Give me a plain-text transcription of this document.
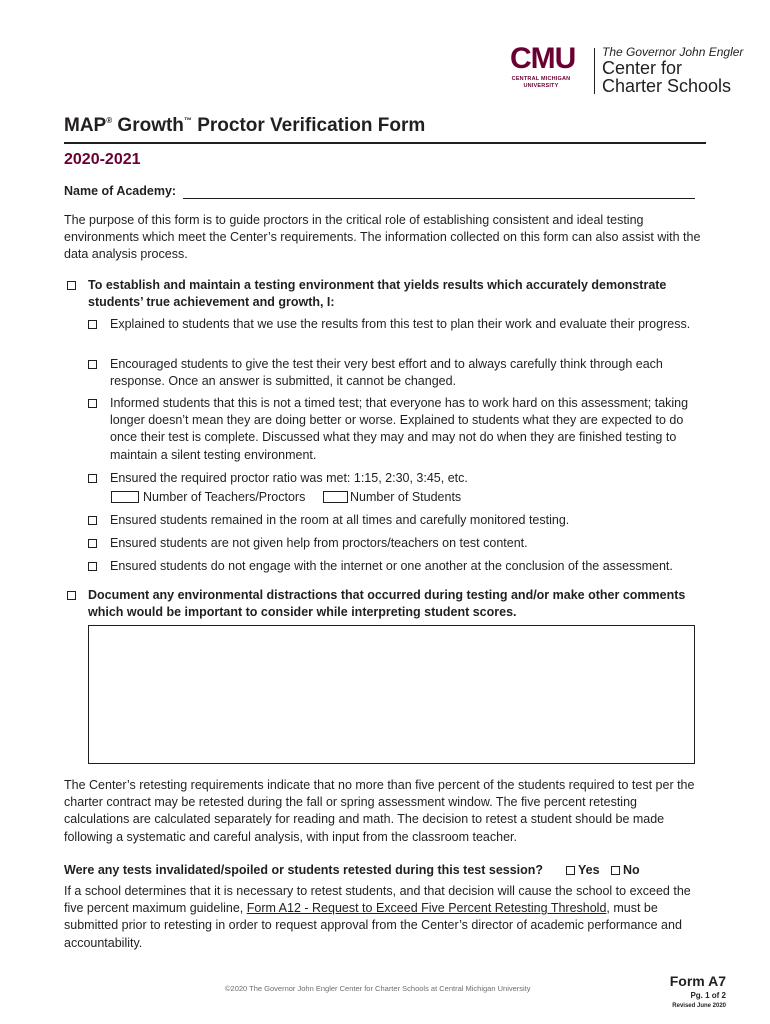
CMU
CENTRAL MICHIGAN UNIVERSITY
The Governor John Engler
Center for
Charter Schools
MAP® Growth™ Proctor Verification Form
2020-2021
Name of Academy:
The purpose of this form is to guide proctors in the critical role of establishing consistent and ideal testing environments which meet the Center’s requirements. The information collected on this form can also assist with the data analysis process.
To establish and maintain a testing environment that yields results which accurately demonstrate students’ true achievement and growth, I:
Explained to students that we use the results from this test to plan their work and evaluate their progress.
Encouraged students to give the test their very best effort and to always carefully think through each response. Once an answer is submitted, it cannot be changed.
Informed students that this is not a timed test; that everyone has to work hard on this assessment; taking longer doesn’t mean they are doing better or worse. Explained to students what they are expected to do once their test is complete. Discussed what they may and may not do when they are finished testing to maintain a silent testing environment.
Ensured the required proctor ratio was met: 1:15, 2:30, 3:45, etc.
Number of Teachers/Proctors	Number of Students
Ensured students remained in the room at all times and carefully monitored testing.
Ensured students are not given help from proctors/teachers on test content.
Ensured students do not engage with the internet or one another at the conclusion of the assessment.
Document any environmental distractions that occurred during testing and/or make other comments which would be important to consider while interpreting student scores.
The Center’s retesting requirements indicate that no more than five percent of the students required to test per the charter contract may be retested during the fall or spring assessment window. The five percent retesting calculations are calculated separately for reading and math. The decision to retest a student should be made following a systematic and careful analysis, with input from the classroom teacher.
Were any tests invalidated/spoiled or students retested during this test session?	Yes No
If a school determines that it is necessary to retest students, and that decision will cause the school to exceed the five percent maximum guideline, Form A12 - Request to Exceed Five Percent Retesting Threshold, must be submitted prior to retesting in order to request approval from the Center’s director of academic performance and accountability.
©2020 The Governor John Engler Center for Charter Schools at Central Michigan University	Form A7
Pg. 1 of 2
Revised June 2020
